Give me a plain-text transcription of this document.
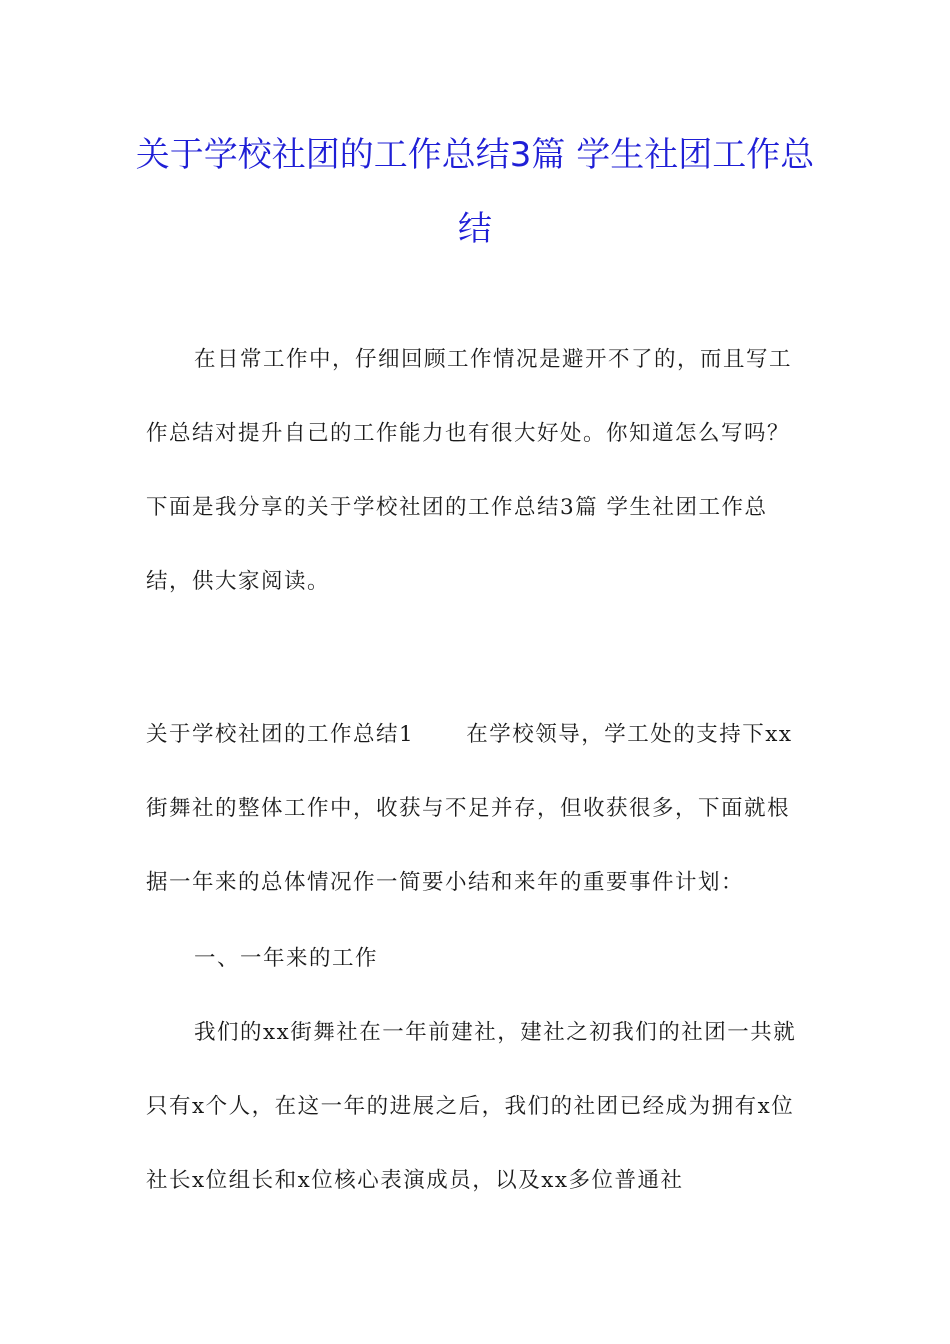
关于学校社团的工作总结3篇 学生社团工作总结

在日常工作中，仔细回顾工作情况是避开不了的，而且写工作总结对提升自己的工作能力也有很大好处。你知道怎么写吗？下面是我分享的关于学校社团的工作总结3篇 学生社团工作总结，供大家阅读。

关于学校社团的工作总结1 在学校领导，学工处的支持下xx街舞社的整体工作中，收获与不足并存，但收获很多，下面就根据一年来的总体情况作一简要小结和来年的重要事件计划：

一、一年来的工作

我们的xx街舞社在一年前建社，建社之初我们的社团一共就只有x个人，在这一年的进展之后，我们的社团已经成为拥有x位社长x位组长和x位核心表演成员，以及xx多位普通社
